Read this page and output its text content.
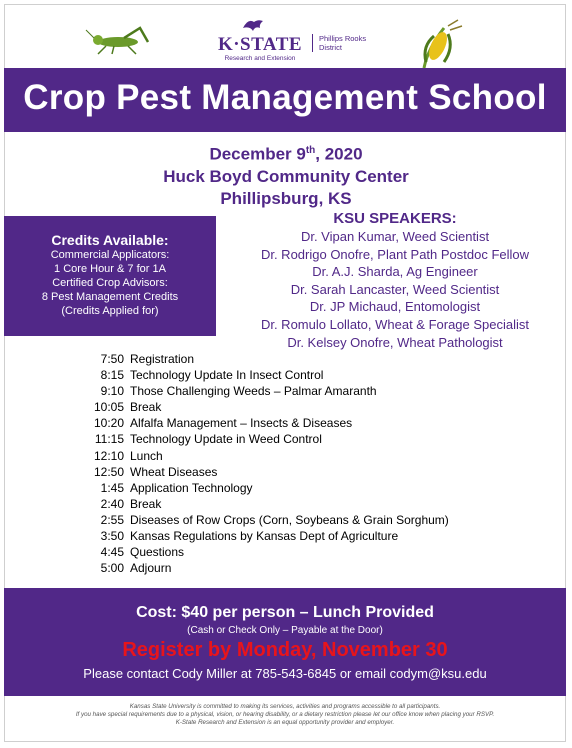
K·STATE
Research and Extension
Phillips Rooks
District
Crop Pest Management School
December 9th, 2020
Huck Boyd Community Center
Phillipsburg, KS
Credits Available:
Commercial Applicators:
1 Core Hour & 7 for 1A
Certified Crop Advisors:
8 Pest Management Credits
(Credits Applied for)
KSU SPEAKERS:
Dr. Vipan Kumar, Weed Scientist
Dr. Rodrigo Onofre, Plant Path Postdoc Fellow
Dr. A.J. Sharda, Ag Engineer
Dr. Sarah Lancaster, Weed Scientist
Dr. JP Michaud, Entomologist
Dr. Romulo Lollato, Wheat & Forage Specialist
Dr. Kelsey Onofre, Wheat Pathologist
7:50 Registration
8:15 Technology Update In Insect Control
9:10 Those Challenging Weeds – Palmar Amaranth
10:05 Break
10:20 Alfalfa Management – Insects & Diseases
11:15 Technology Update in Weed Control
12:10 Lunch
12:50 Wheat Diseases
1:45 Application Technology
2:40 Break
2:55 Diseases of Row Crops (Corn, Soybeans & Grain Sorghum)
3:50 Kansas Regulations by Kansas Dept of Agriculture
4:45 Questions
5:00 Adjourn
Cost: $40 per person – Lunch Provided
(Cash or Check Only – Payable at the Door)
Register by Monday, November 30
Please contact Cody Miller at 785-543-6845 or email codym@ksu.edu
Kansas State University is committed to making its services, activities and programs accessible to all participants.
If you have special requirements due to a physical, vision, or hearing disability, or a dietary restriction please let our office know when placing your RSVP.
K-State Research and Extension is an equal opportunity provider and employer.
